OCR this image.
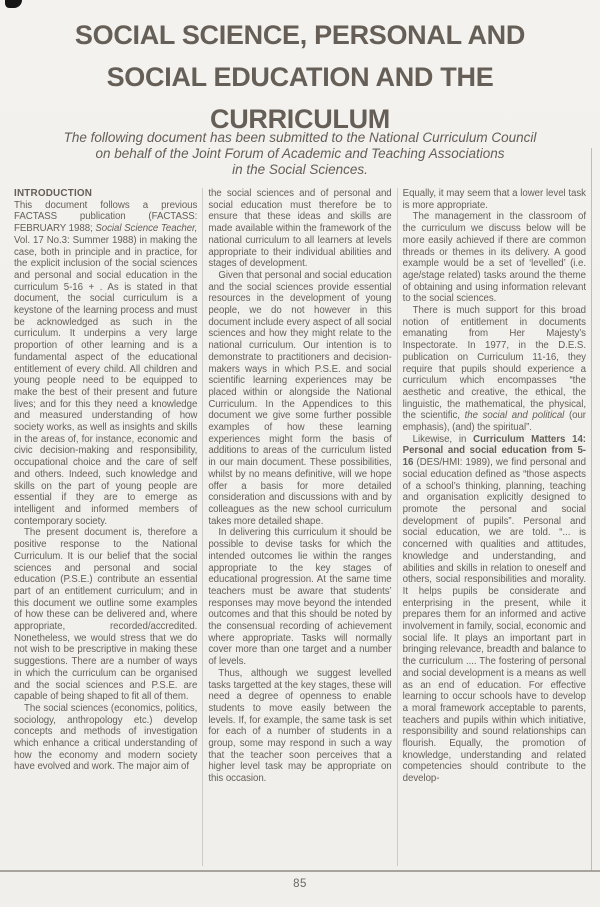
SOCIAL SCIENCE, PERSONAL AND
SOCIAL EDUCATION AND THE
CURRICULUM
The following document has been submitted to the National Curriculum Council
on behalf of the Joint Forum of Academic and Teaching Associations
in the Social Sciences.
INTRODUCTION

This document follows a previous FACTASS publication (FACTASS: FEBRUARY 1988; Social Science Teacher, Vol. 17 No.3: Summer 1988) in making the case, both in principle and in practice, for the explicit inclusion of the social sciences and personal and social education in the curriculum 5-16 + . As is stated in that document, the social curriculum is a keystone of the learning process and must be acknowledged as such in the curriculum. It underpins a very large proportion of other learning and is a fundamental aspect of the educational entitlement of every child. All children and young people need to be equipped to make the best of their present and future lives; and for this they need a knowledge and measured understanding of how society works, as well as insights and skills in the areas of, for instance, economic and civic decision-making and responsibility, occupational choice and the care of self and others. Indeed, such knowledge and skills on the part of young people are essential if they are to emerge as intelligent and informed members of contemporary society.

The present document is, therefore a positive response to the National Curriculum. It is our belief that the social sciences and personal and social education (P.S.E.) contribute an essential part of an entitlement curriculum; and in this document we outline some examples of how these can be delivered and, where appropriate, recorded/accredited. Nonetheless, we would stress that we do not wish to be prescriptive in making these suggestions. There are a number of ways in which the curriculum can be organised and the social sciences and P.S.E. are capable of being shaped to fit all of them.

The social sciences (economics, politics, sociology, anthropology etc.) develop concepts and methods of investigation which enhance a critical understanding of how the economy and modern society have evolved and work. The major aim of

the social sciences and of personal and social education must therefore be to ensure that these ideas and skills are made available within the framework of the national curriculum to all learners at levels appropriate to their individual abilities and stages of development.

Given that personal and social education and the social sciences provide essential resources in the development of young people, we do not however in this document include every aspect of all social sciences and how they might relate to the national curriculum. Our intention is to demonstrate to practitioners and decision-makers ways in which P.S.E. and social scientific learning experiences may be placed within or alongside the National Curriculum. In the Appendices to this document we give some further possible examples of how these learning experiences might form the basis of additions to areas of the curriculum listed in our main document. These possibilities, whilst by no means definitive, will we hope offer a basis for more detailed consideration and discussions with and by colleagues as the new school curriculum takes more detailed shape.

In delivering this curriculum it should be possible to devise tasks for which the intended outcomes lie within the ranges appropriate to the key stages of educational progression. At the same time teachers must be aware that students’ responses may move beyond the intended outcomes and that this should be noted by the consensual recording of achievement where appropriate. Tasks will normally cover more than one target and a number of levels.

Thus, although we suggest levelled tasks targetted at the key stages, these will need a degree of openness to enable students to move easily between the levels. If, for example, the same task is set for each of a number of students in a group, some may respond in such a way that the teacher soon perceives that a higher level task may be appropriate on this occasion.

Equally, it may seem that a lower level task is more appropriate.

The management in the classroom of the curriculum we discuss below will be more easily achieved if there are common threads or themes in its delivery. A good example would be a set of ‘levelled’ (i.e. age/stage related) tasks around the theme of obtaining and using information relevant to the social sciences.

There is much support for this broad notion of entitlement in documents emanating from Her Majesty’s Inspectorate. In 1977, in the D.E.S. publication on Curriculum 11-16, they require that pupils should experience a curriculum which encompasses “the aesthetic and creative, the ethical, the linguistic, the mathematical, the physical, the scientific, the social and political (our emphasis), (and) the spiritual”.

Likewise, in Curriculum Matters 14: Personal and social education from 5-16 (DES/HMI: 1989), we find personal and social education defined as “those aspects of a school’s thinking, planning, teaching and organisation explicitly designed to promote the personal and social development of pupils”. Personal and social education, we are told. “... is concerned with qualities and attitudes, knowledge and understanding, and abilities and skills in relation to oneself and others, social responsibilities and morality. It helps pupils be considerate and enterprising in the present, while it prepares them for an informed and active involvement in family, social, economic and social life. It plays an important part in bringing relevance, breadth and balance to the curriculum .... The fostering of personal and social development is a means as well as an end of education. For effective learning to occur schools have to develop a moral framework acceptable to parents, teachers and pupils within which initiative, responsibility and sound relationships can flourish. Equally, the promotion of knowledge, understanding and related competencies should contribute to the develop-

85
